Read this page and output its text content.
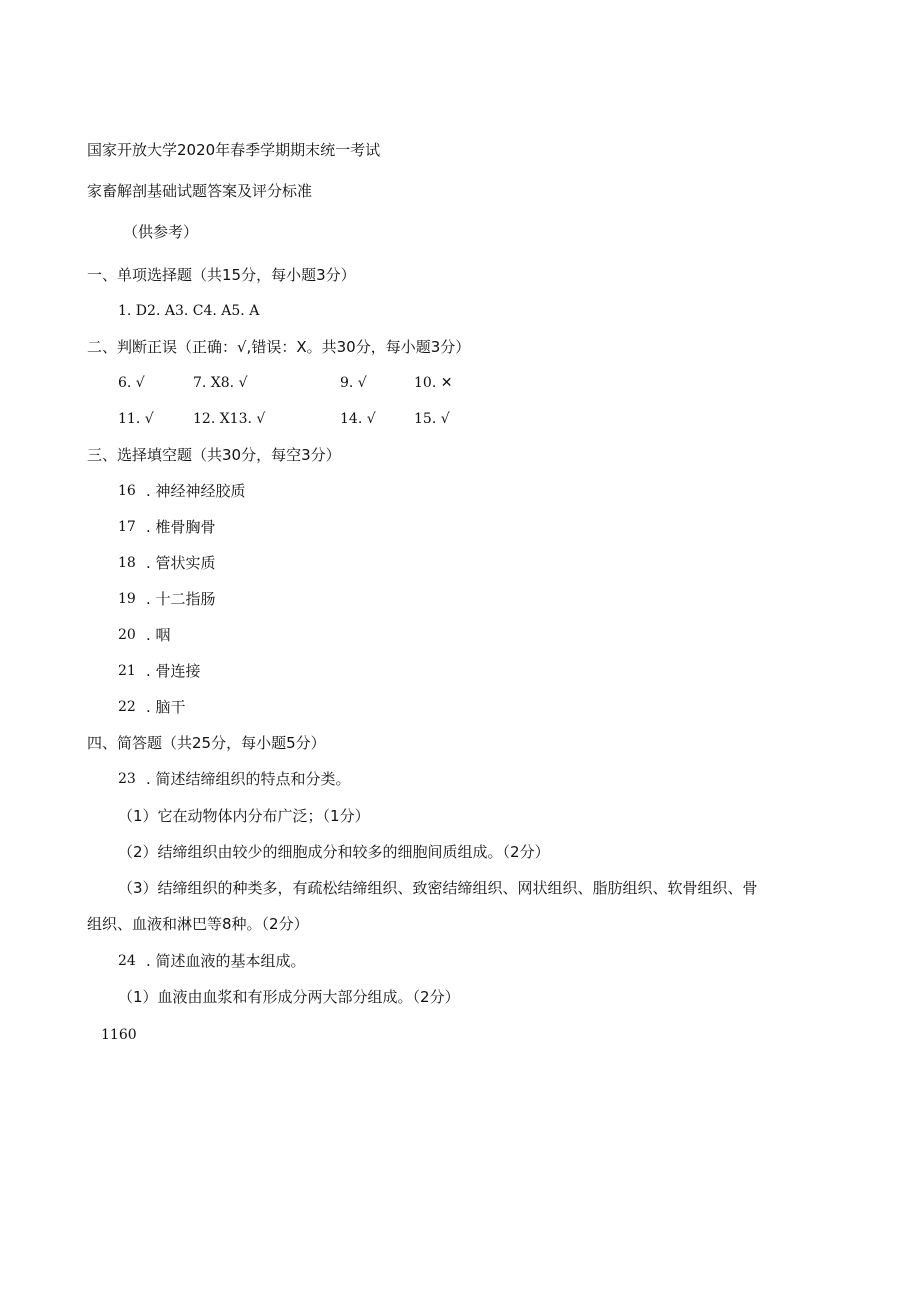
国家开放大学2020年春季学期期末统一考试
家畜解剖基础试题答案及评分标准
（供参考）
一、单项选择题（共15分，每小题3分）
1. D2. A3. C4. A5. A
二、判断正误（正确：√,错误：X。共30分，每小题3分）
6. √	7. X8. √	9. √	10. ✕
11. √	12. X13. √	14. √	15. √
三、选择填空题（共30分，每空3分）
16 . 神经神经胶质
17 . 椎骨胸骨
18 . 管状实质
19 . 十二指肠
20 . 咽
21 . 骨连接
22 . 脑干
四、简答题（共25分，每小题5分）
23 . 简述结缔组织的特点和分类。
（1）它在动物体内分布广泛；（1分）
（2）结缔组织由较少的细胞成分和较多的细胞间质组成。（2分）
（3）结缔组织的种类多，有疏松结缔组织、致密结缔组织、网状组织、脂肪组织、软骨组织、骨
组织、血液和淋巴等8种。（2分）
24 . 简述血液的基本组成。
（1）血液由血浆和有形成分两大部分组成。（2分）
1160
